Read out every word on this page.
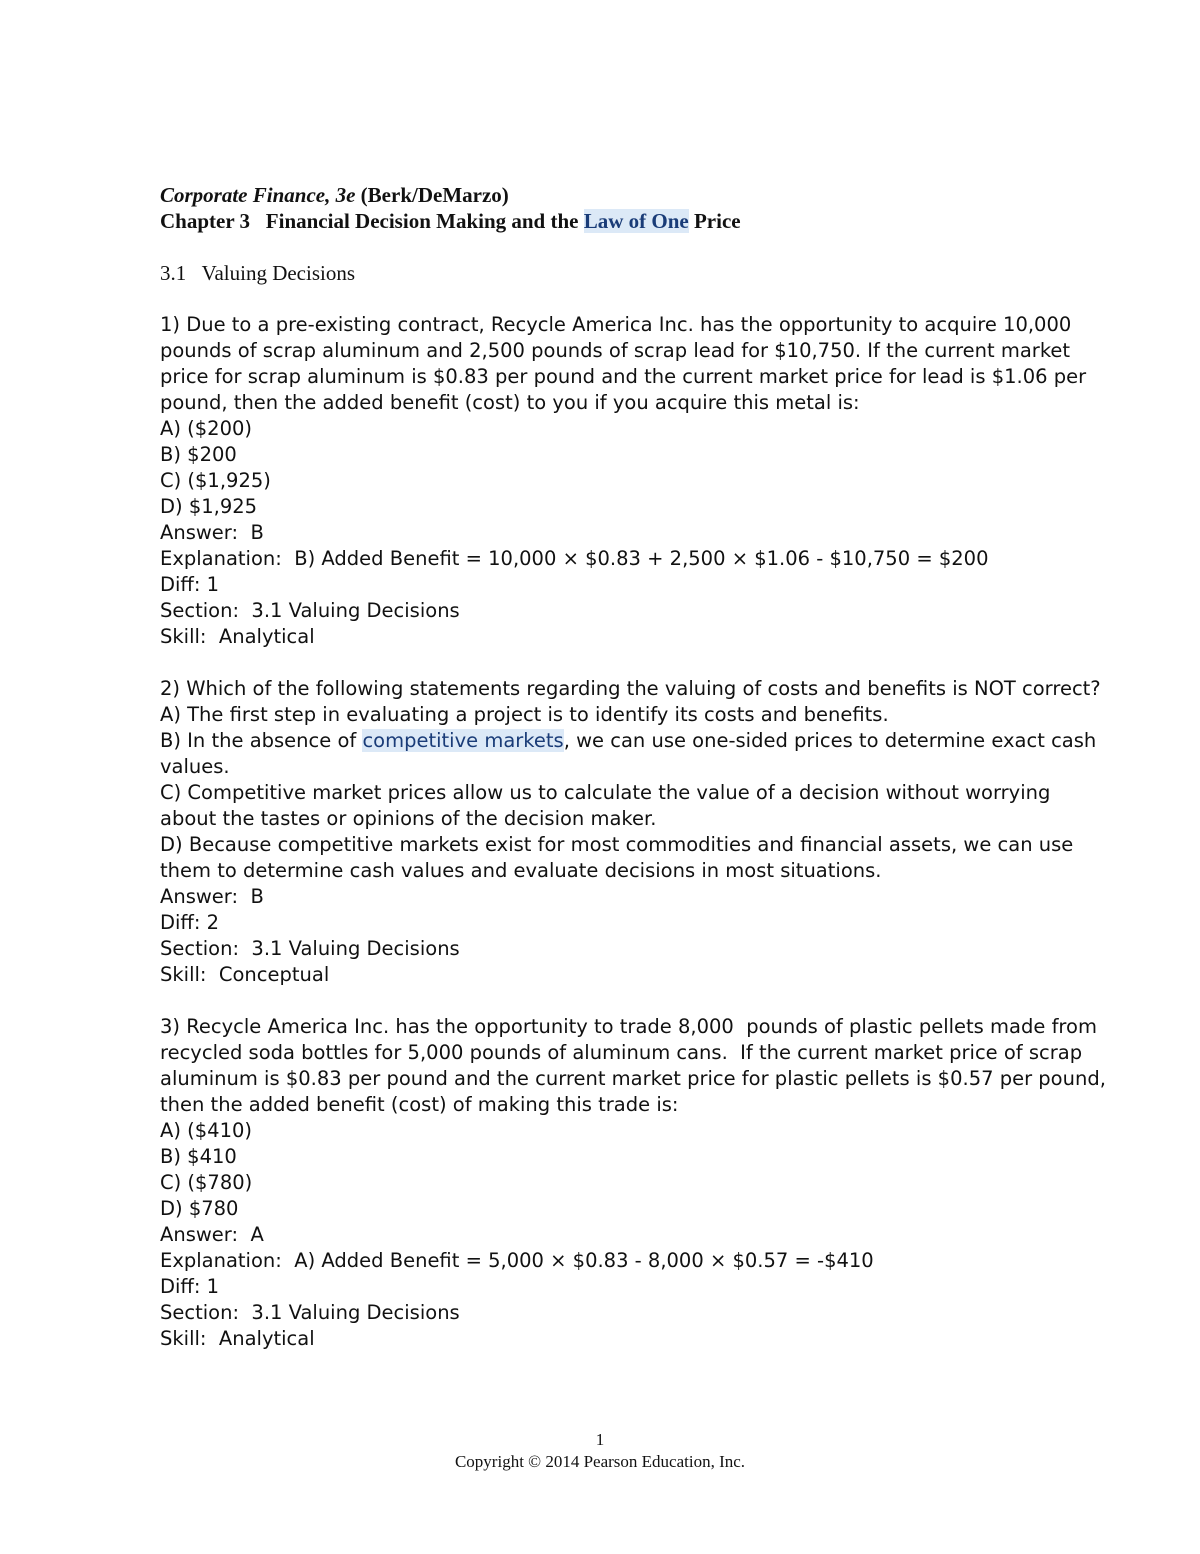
Corporate Finance, 3e (Berk/DeMarzo)
Chapter 3   Financial Decision Making and the Law of One Price
3.1   Valuing Decisions
1) Due to a pre-existing contract, Recycle America Inc. has the opportunity to acquire 10,000
pounds of scrap aluminum and 2,500 pounds of scrap lead for $10,750. If the current market
price for scrap aluminum is $0.83 per pound and the current market price for lead is $1.06 per
pound, then the added benefit (cost) to you if you acquire this metal is:
A) ($200)
B) $200
C) ($1,925)
D) $1,925
Answer:  B
Explanation:  B) Added Benefit = 10,000 × $0.83 + 2,500 × $1.06 - $10,750 = $200
Diff: 1
Section:  3.1 Valuing Decisions
Skill:  Analytical
2) Which of the following statements regarding the valuing of costs and benefits is NOT correct?
A) The first step in evaluating a project is to identify its costs and benefits.
B) In the absence of competitive markets, we can use one-sided prices to determine exact cash
values.
C) Competitive market prices allow us to calculate the value of a decision without worrying
about the tastes or opinions of the decision maker.
D) Because competitive markets exist for most commodities and financial assets, we can use
them to determine cash values and evaluate decisions in most situations.
Answer:  B
Diff: 2
Section:  3.1 Valuing Decisions
Skill:  Conceptual
3) Recycle America Inc. has the opportunity to trade 8,000  pounds of plastic pellets made from
recycled soda bottles for 5,000 pounds of aluminum cans.  If the current market price of scrap
aluminum is $0.83 per pound and the current market price for plastic pellets is $0.57 per pound,
then the added benefit (cost) of making this trade is:
A) ($410)
B) $410
C) ($780)
D) $780
Answer:  A
Explanation:  A) Added Benefit = 5,000 × $0.83 - 8,000 × $0.57 = -$410
Diff: 1
Section:  3.1 Valuing Decisions
Skill:  Analytical
1
Copyright © 2014 Pearson Education, Inc.
